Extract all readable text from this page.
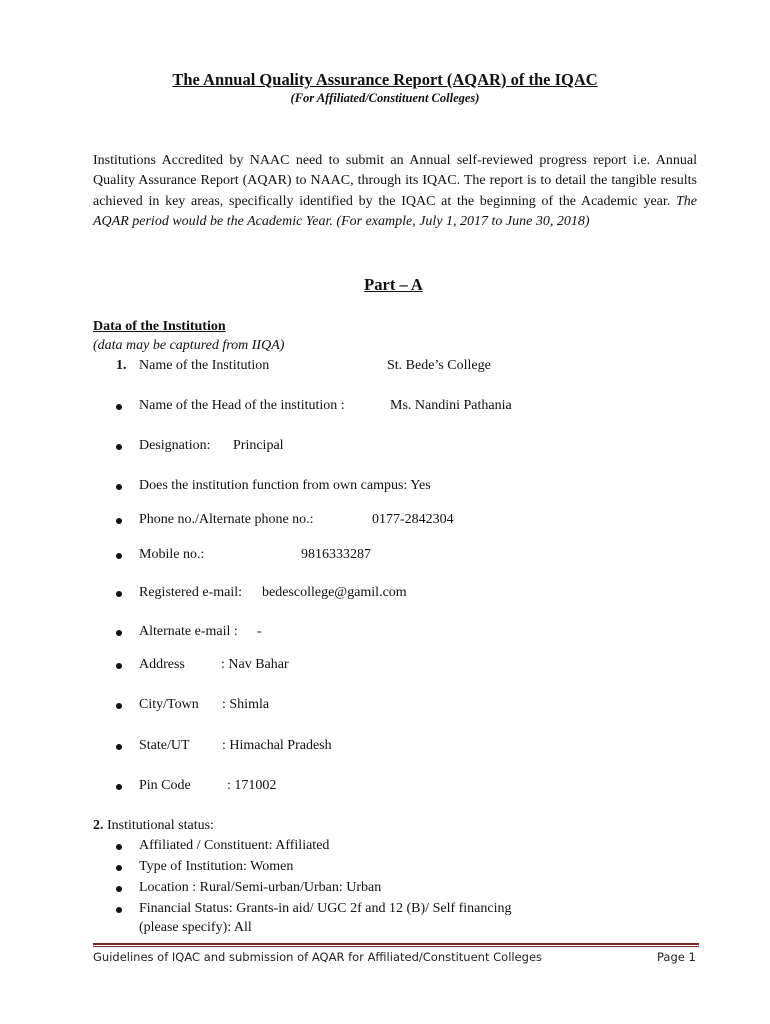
The Annual Quality Assurance Report (AQAR) of the IQAC
(For Affiliated/Constituent Colleges)
Institutions Accredited by NAAC need to submit an Annual self-reviewed progress report i.e. Annual Quality Assurance Report (AQAR) to NAAC, through its IQAC. The report is to detail the tangible results achieved in key areas, specifically identified by the IQAC at the beginning of the Academic year. The AQAR period would be the Academic Year. (For example, July 1, 2017 to June 30, 2018)
Part – A
Data of the Institution
(data may be captured from IIQA)
1. Name of the Institution	St. Bede’s College
Name of the Head of the institution :	Ms. Nandini Pathania
Designation: Principal
Does the institution function from own campus: Yes
Phone no./Alternate phone no.:	0177-2842304
Mobile no.:	9816333287
Registered e-mail: bedescollege@gamil.com
Alternate e-mail : -
Address	: Nav Bahar
City/Town : Shimla
State/UT : Himachal Pradesh
Pin Code	: 171002
2. Institutional status:
Affiliated / Constituent: Affiliated
Type of Institution: Women
Location : Rural/Semi-urban/Urban: Urban
Financial Status: Grants-in aid/ UGC 2f and 12 (B)/ Self financing
(please specify): All
Guidelines of IQAC and submission of AQAR for Affiliated/Constituent Colleges	Page 1
